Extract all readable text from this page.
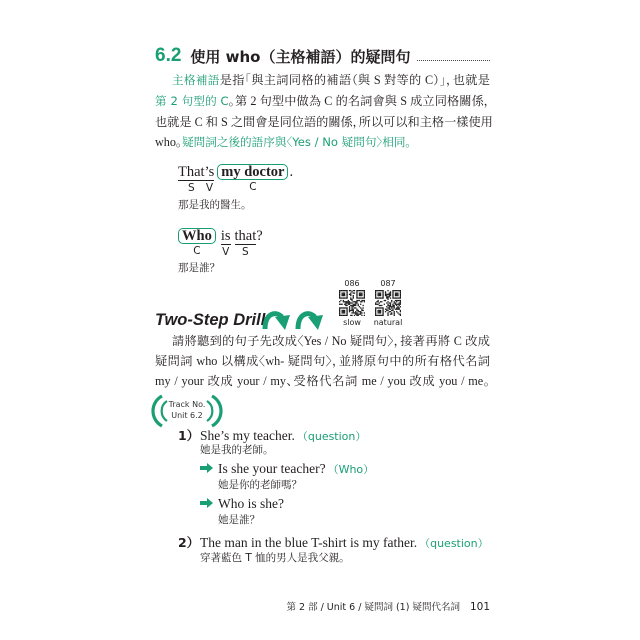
6.2 使用 who（主格補語）的疑問句
主格補語是指「與主詞同格的補語（與 S 對等的 C）」，也就是
第 2 句型的 C。第 2 句型中做為 C 的名詞會與 S 成立同格關係，
也就是 C 和 S 之間會是同位語的關係，所以可以和主格一樣使用
who。疑問詞之後的語序與〈Yes / No 疑問句〉相同。
That
S
’s
V
my doctor
C
.
那是我的醫生。
Who
C
is
V
that
S
?
那是誰？
086
slow
087
natural
Two-Step Drill
請將聽到的句子先改成〈Yes / No 疑問句〉，接著再將 C 改成
疑問詞 who 以構成〈wh- 疑問句〉，並將原句中的所有格代名詞
my / your 改成 your / my、受格代名詞 me / you 改成 you / me。
Track No.
Unit 6.2
1） She’s my teacher. （question）
她是我的老師。
Is she your teacher? （Who）
她是你的老師嗎？
Who is she?
她是誰？
2） The man in the blue T-shirt is my father. （question）
穿著藍色 T 恤的男人是我父親。
第 2 部 / Unit 6 / 疑問詞 (1) 疑問代名詞 101
